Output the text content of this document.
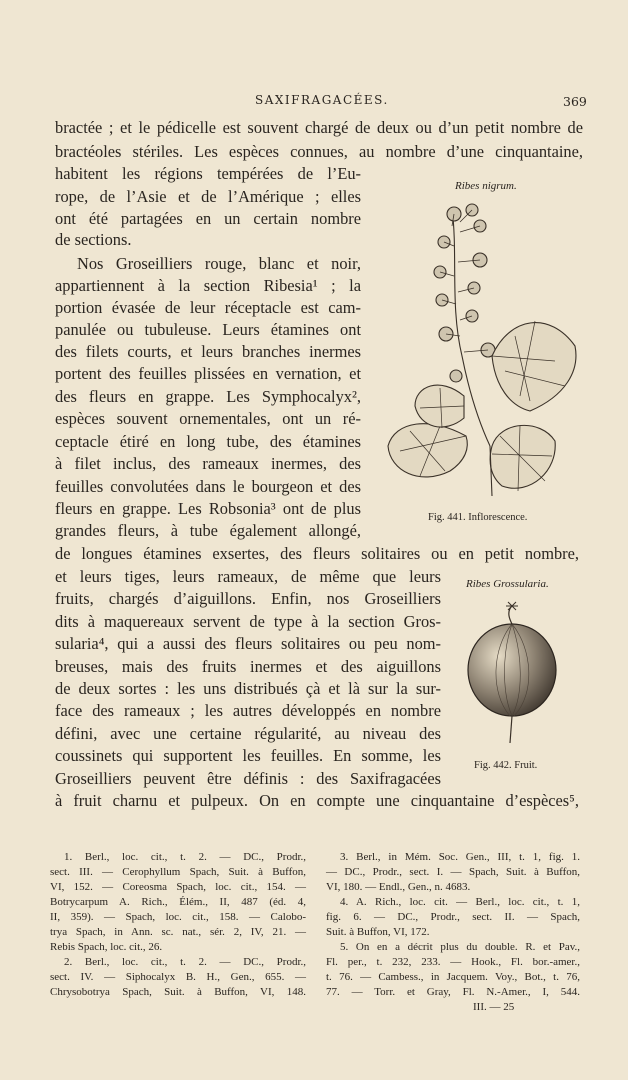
SAXIFRAGACÉES.	369
bractée ; et le pédicelle est souvent chargé de deux ou d’un petit nombre de
bractéoles stériles. Les espèces connues, au nombre d’une cinquantaine,
habitent les régions tempérées de l’Eu-
rope, de l’Asie et de l’Amérique ; elles
ont été partagées en un certain nombre
de sections.
Nos Groseilliers rouge, blanc et noir,
appartiennent à la section Ribesia¹ ; la
portion évasée de leur réceptacle est cam-
panulée ou tubuleuse. Leurs étamines ont
des filets courts, et leurs branches inermes
portent des feuilles plissées en vernation, et
des fleurs en grappe. Les Symphocalyx²,
espèces souvent ornementales, ont un ré-
ceptacle étiré en long tube, des étamines
à filet inclus, des rameaux inermes, des
feuilles convolutées dans le bourgeon et des
fleurs en grappe. Les Robsonia³ ont de plus
grandes fleurs, à tube également allongé,
de longues étamines exsertes, des fleurs solitaires ou en petit nombre,
et leurs tiges, leurs rameaux, de même que leurs
fruits, chargés d’aiguillons. Enfin, nos Groseilliers
dits à maquereaux servent de type à la section Gros-
sularia⁴, qui a aussi des fleurs solitaires ou peu nom-
breuses, mais des fruits inermes et des aiguillons
de deux sortes : les uns distribués çà et là sur la sur-
face des rameaux ; les autres développés en nombre
défini, avec une certaine régularité, au niveau des
coussinets qui supportent les feuilles. En somme, les
Groseilliers peuvent être définis : des Saxifragacées
à fruit charnu et pulpeux. On en compte une cinquantaine d’espèces⁵,
Ribes nigrum.
Fig. 441. Inflorescence.
Ribes Grossularia.
Fig. 442. Fruit.
1. Berl., loc. cit., t. 2. — DC., Prodr.,
sect. III. — Cerophyllum Spach, Suit. à Buffon,
VI, 152. — Coreosma Spach, loc. cit., 154. —
Botrycarpum A. Rich., Élém., II, 487 (éd. 4,
II, 359). — Spach, loc. cit., 158. — Calobo-
trya Spach, in Ann. sc. nat., sér. 2, IV, 21. —
Rebis Spach, loc. cit., 26.
2. Berl., loc. cit., t. 2. — DC., Prodr.,
sect. IV. — Siphocalyx B. H., Gen., 655. —
Chrysobotrya Spach, Suit. à Buffon, VI, 148.
3. Berl., in Mém. Soc. Gen., III, t. 1, fig. 1.
— DC., Prodr., sect. I. — Spach, Suit. à Buffon,
VI, 180. — Endl., Gen., n. 4683.
4. A. Rich., loc. cit. — Berl., loc. cit., t. 1,
fig. 6. — DC., Prodr., sect. II. — Spach,
Suit. à Buffon, VI, 172.
5. On en a décrit plus du double. R. et Pav.,
Fl. per., t. 232, 233. — Hook., Fl. bor.-amer.,
t. 76. — Cambess., in Jacquem. Voy., Bot., t. 76,
77. — Torr. et Gray, Fl. N.-Amer., I, 544.
III. — 25
